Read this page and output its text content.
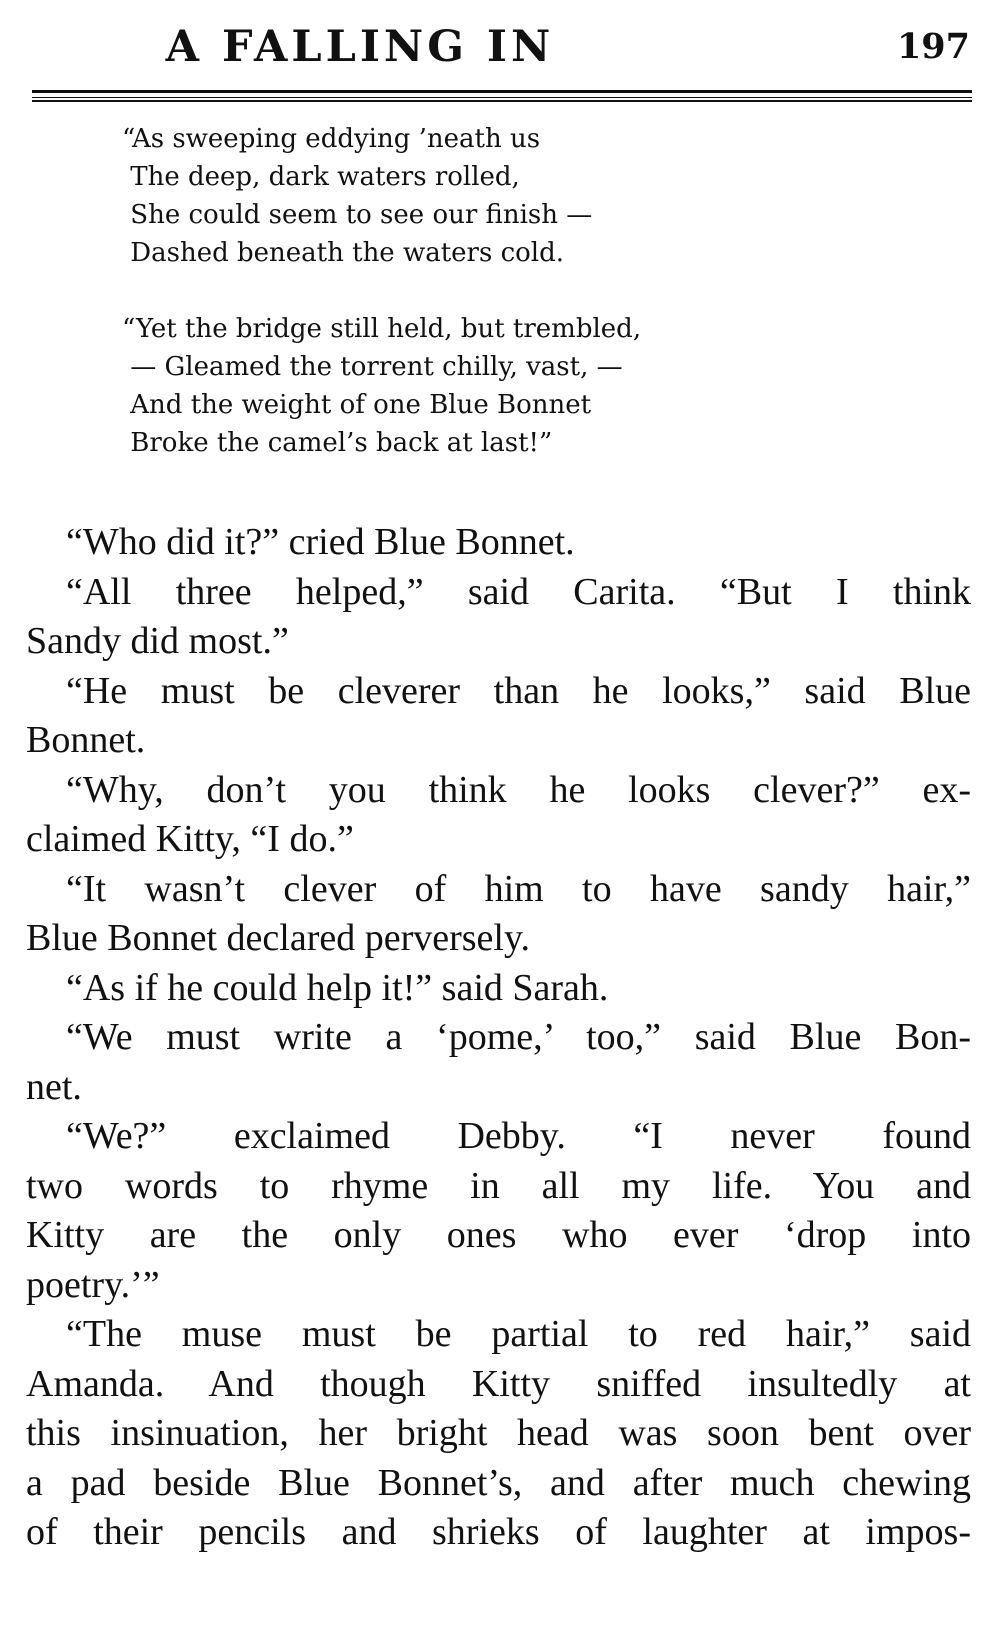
A FALLING IN	197
“As sweeping eddying ’neath us
The deep, dark waters rolled,
She could seem to see our finish —
Dashed beneath the waters cold.
“Yet the bridge still held, but trembled,
— Gleamed the torrent chilly, vast, —
And the weight of one Blue Bonnet
Broke the camel’s back at last!”
“Who did it?” cried Blue Bonnet.
“All three helped,” said Carita. “But I think
Sandy did most.”
“He must be cleverer than he looks,” said Blue
Bonnet.
“Why, don’t you think he looks clever?” ex-
claimed Kitty, “I do.”
“It wasn’t clever of him to have sandy hair,”
Blue Bonnet declared perversely.
“As if he could help it!” said Sarah.
“We must write a ‘pome,’ too,” said Blue Bon-
net.
“We?” exclaimed Debby. “I never found
two words to rhyme in all my life. You and
Kitty are the only ones who ever ‘drop into
poetry.’”
“The muse must be partial to red hair,” said
Amanda. And though Kitty sniffed insultedly at
this insinuation, her bright head was soon bent over
a pad beside Blue Bonnet’s, and after much chewing
of their pencils and shrieks of laughter at impos-
